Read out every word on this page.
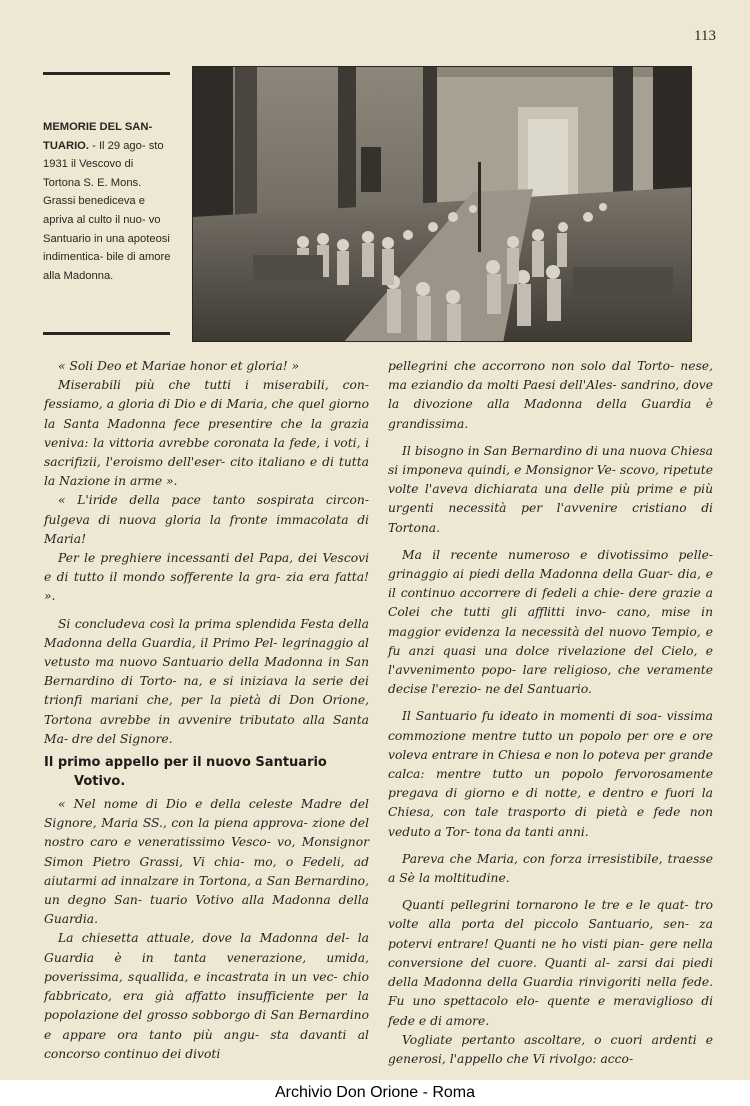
113
MEMORIE DEL SAN- TUARIO. - Il 29 ago- sto 1931 il Vescovo di Tortona S. E. Mons. Grassi benediceva e apriva al culto il nuo- vo Santuario in una apoteosi indimentica- bile di amore alla Madonna.

« Soli Deo et Mariae honor et gloria! »

Miserabili più che tutti i miserabili, con- fessiamo, a gloria di Dio e di Maria, che quel giorno la Santa Madonna fece presentire che la grazia veniva: la vittoria avrebbe coronata la fede, i voti, i sacrifizii, l'eroismo dell'eser- cito italiano e di tutta la Nazione in arme ».

« L'iride della pace tanto sospirata circon- fulgeva di nuova gloria la fronte immacolata di Maria!

Per le preghiere incessanti del Papa, dei Vescovi e di tutto il mondo sofferente la gra- zia era fatta! ».

Si concludeva così la prima splendida Festa della Madonna della Guardia, il Primo Pel- legrinaggio al vetusto ma nuovo Santuario della Madonna in San Bernardino di Torto- na, e si iniziava la serie dei trionfi mariani che, per la pietà di Don Orione, Tortona avrebbe in avvenire tributato alla Santa Ma- dre del Signore.

Il primo appello per il nuovo Santuario
Votivo.

« Nel nome di Dio e della celeste Madre del Signore, Maria SS., con la piena approva- zione del nostro caro e veneratissimo Vesco- vo, Monsignor Simon Pietro Grassi, Vi chia- mo, o Fedeli, ad aiutarmi ad innalzare in Tortona, a San Bernardino, un degno San- tuario Votivo alla Madonna della Guardia.

La chiesetta attuale, dove la Madonna del- la Guardia è in tanta venerazione, umida, poverissima, squallida, e incastrata in un vec- chio fabbricato, era già affatto insufficiente per la popolazione del grosso sobborgo di San Bernardino e appare ora tanto più angu- sta davanti al concorso continuo dei divoti

pellegrini che accorrono non solo dal Torto- nese, ma eziandio da molti Paesi dell'Ales- sandrino, dove la divozione alla Madonna della Guardia è grandissima.

Il bisogno in San Bernardino di una nuova Chiesa si imponeva quindi, e Monsignor Ve- scovo, ripetute volte l'aveva dichiarata una delle più prime e più urgenti necessità per l'avvenire cristiano di Tortona.

Ma il recente numeroso e divotissimo pelle- grinaggio ai piedi della Madonna della Guar- dia, e il continuo accorrere di fedeli a chie- dere grazie a Colei che tutti gli afflitti invo- cano, mise in maggior evidenza la necessità del nuovo Tempio, e fu anzi quasi una dolce rivelazione del Cielo, e l'avvenimento popo- lare religioso, che veramente decise l'erezio- ne del Santuario.

Il Santuario fu ideato in momenti di soa- vissima commozione mentre tutto un popolo per ore e ore voleva entrare in Chiesa e non lo poteva per grande calca: mentre tutto un popolo fervorosamente pregava di giorno e di notte, e dentro e fuori la Chiesa, con tale trasporto di pietà e fede non veduto a Tor- tona da tanti anni.

Pareva che Maria, con forza irresistibile, traesse a Sè la moltitudine.

Quanti pellegrini tornarono le tre e le quat- tro volte alla porta del piccolo Santuario, sen- za potervi entrare! Quanti ne ho visti pian- gere nella conversione del cuore. Quanti al- zarsi dai piedi della Madonna della Guardia rinvigoriti nella fede. Fu uno spettacolo elo- quente e meraviglioso di fede e di amore.

Vogliate pertanto ascoltare, o cuori ardenti e generosi, l'appello che Vi rivolgo: acco-

Archivio Don Orione - Roma
